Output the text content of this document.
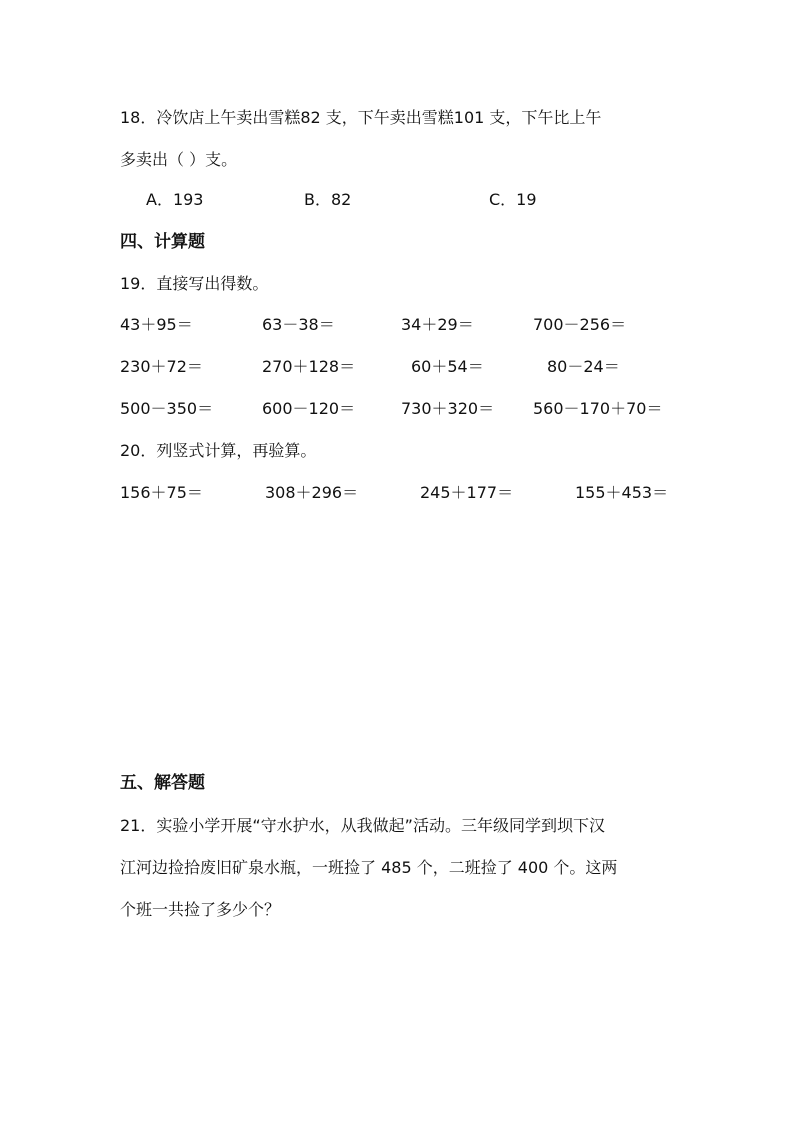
18．冷饮店上午卖出雪糕82 支，下午卖出雪糕101 支，下午比上午
多卖出（ ）支。
A．193	B．82	C．19
四、计算题
19．直接写出得数。
43＋95＝	63－38＝	34＋29＝	700－256＝
230＋72＝	270＋128＝	60＋54＝	80－24＝
500－350＝	600－120＝	730＋320＝ 560－170＋70＝
20．列竖式计算，再验算。
156＋75＝	308＋296＝	245＋177＝	155＋453＝
五、解答题
21．实验小学开展“守水护水，从我做起”活动。三年级同学到坝下汉
江河边捡拾废旧矿泉水瓶，一班捡了 485 个，二班捡了 400 个。这两
个班一共捡了多少个？
